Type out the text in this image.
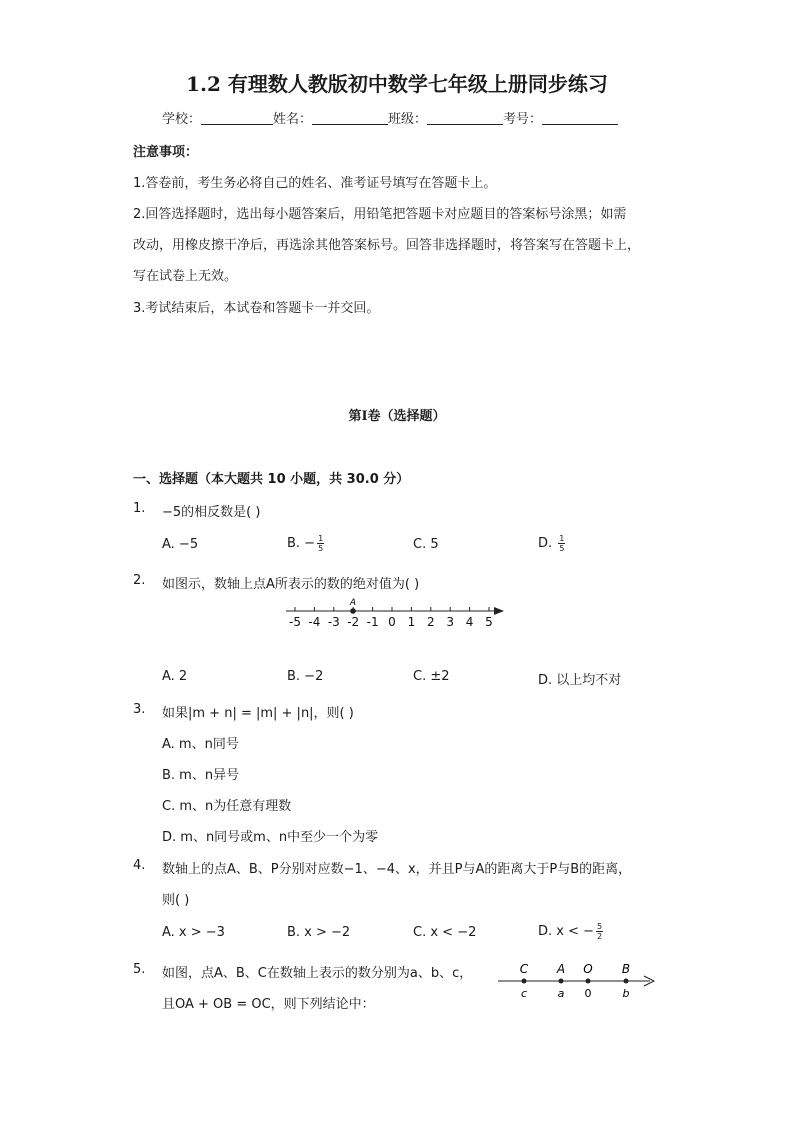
1.2 有理数人教版初中数学七年级上册同步练习
学校：	姓名：	班级：	考号：
注意事项：
1.答卷前，考生务必将自己的姓名、准考证号填写在答题卡上。
2.回答选择题时，选出每小题答案后，用铅笔把答题卡对应题目的答案标号涂黑；如需
改动，用橡皮擦干净后，再选涂其他答案标号。回答非选择题时，将答案写在答题卡上，
写在试卷上无效。
3.考试结束后，本试卷和答题卡一并交回。
第I卷（选择题）
一、选择题（本大题共 10 小题，共 30.0 分）
1. −5的相反数是( )
A. −5	B. − $\frac{1}{5}$	C. 5	D. $\frac{1}{5}$
2. 如图示，数轴上点A所表示的数的绝对值为( )
-5 -4 -3 -2 -1 0 1 2 3 4 5
A
A. 2	B. −2	C. ±2	D. 以上均不对
3. 如果|m + n| = |m| + |n|，则( )
A. m、n同号
B. m、n异号
C. m、n为任意有理数
D. m、n同号或m、n中至少一个为零
4. 数轴上的点A、B、P分别对应数−1、−4、x，并且P与A的距离大于P与B的距离，
则( )
A. x > −3	B. x > −2	C. x < −2	D. x < − $\frac{5}{2}$
5. 如图，点A、B、C在数轴上表示的数分别为a、b、c，
且OA + OB = OC，则下列结论中：
C
c
A
a
O
0
B
b
